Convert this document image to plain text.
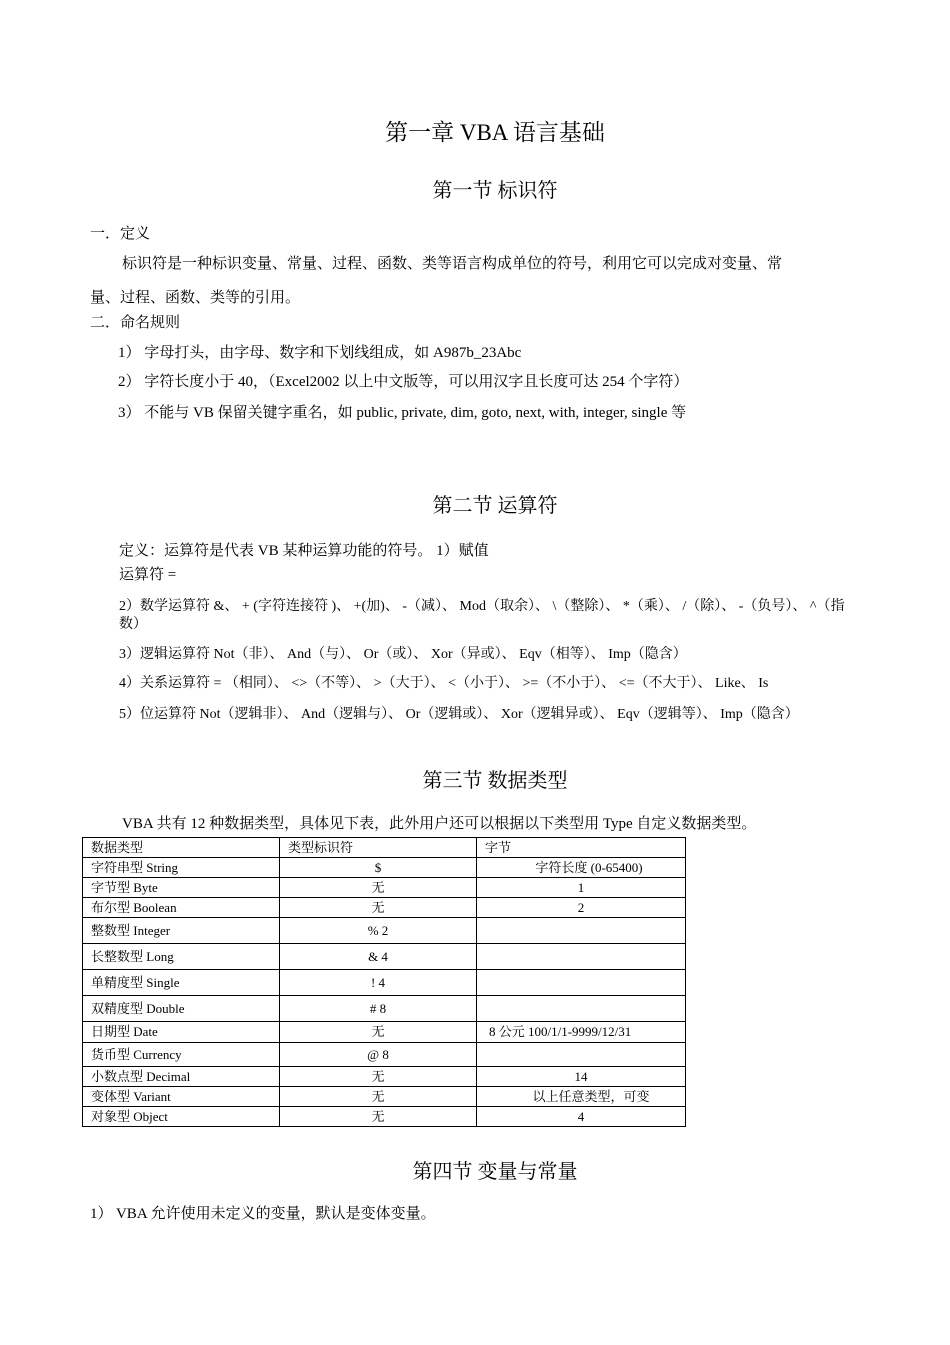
第一章 VBA 语言基础
第一节 标识符
一．定义
标识符是一种标识变量、常量、过程、函数、类等语言构成单位的符号，利用它可以完成对变量、常
量、过程、函数、类等的引用。
二．命名规则
1） 字母打头，由字母、数字和下划线组成，如 A987b_23Abc
2） 字符长度小于 40，（Excel2002 以上中文版等，可以用汉字且长度可达 254 个字符）
3） 不能与 VB 保留关键字重名，如 public, private, dim, goto, next, with, integer, single 等
第二节 运算符
定义：运算符是代表 VB 某种运算功能的符号。 1）赋值
运算符 =
2）数学运算符 &、 + (字符连接符 )、 +(加)、 -（减）、 Mod（取余）、 \（整除）、 *（乘）、 /（除）、 -（负号）、 ^（指
数）
3）逻辑运算符 Not（非）、 And（与）、 Or（或）、 Xor（异或）、 Eqv（相等）、 Imp（隐含）
4）关系运算符 = （相同）、 <>（不等）、 >（大于）、 <（小于）、 >=（不小于）、 <=（不大于）、 Like、 Is
5）位运算符 Not（逻辑非）、 And（逻辑与）、 Or（逻辑或）、 Xor（逻辑异或）、 Eqv（逻辑等）、 Imp（隐含）
第三节 数据类型
VBA 共有 12 种数据类型，具体见下表，此外用户还可以根据以下类型用 Type 自定义数据类型。
数据类型	类型标识符	字节
字符串型 String	$	字符长度 (0-65400)
字节型 Byte	无	1
布尔型 Boolean	无	2
整数型 Integer	% 2	
长整数型 Long	& 4	
单精度型 Single	! 4	
双精度型 Double	# 8	
日期型 Date	无	8 公元 100/1/1-9999/12/31
货币型 Currency	@ 8	
小数点型 Decimal	无	14
变体型 Variant	无	以上任意类型，可变
对象型 Object	无	4
第四节 变量与常量
1） VBA 允许使用未定义的变量，默认是变体变量。
